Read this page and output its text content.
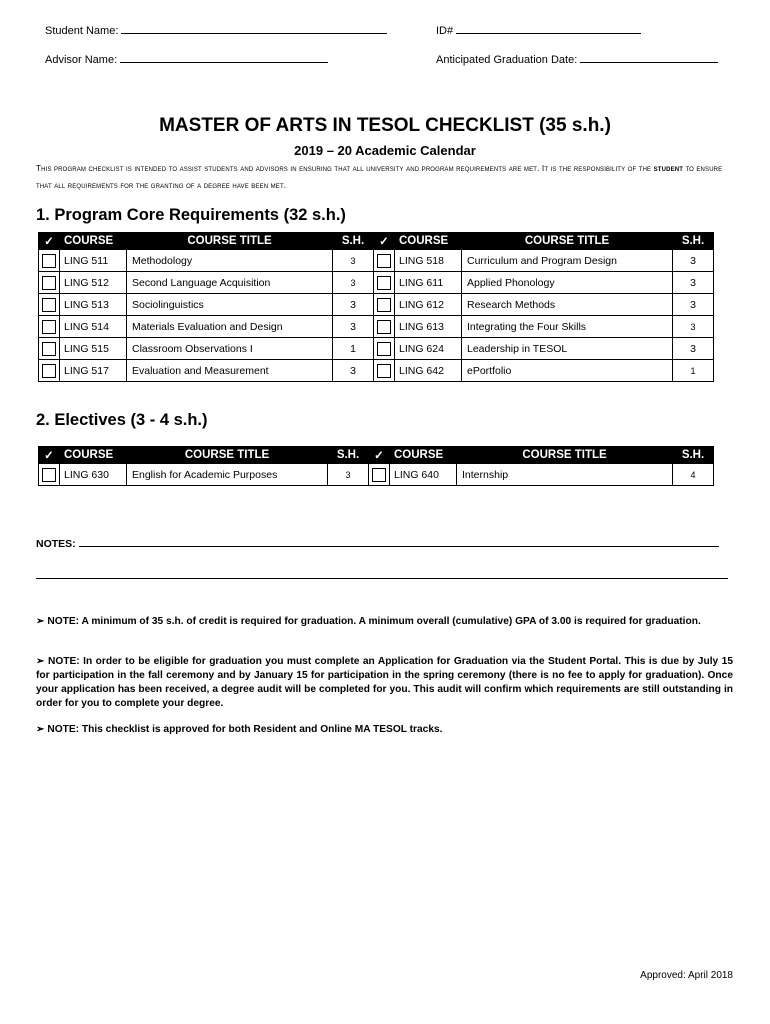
Student Name:	ID#
Advisor Name:	Anticipated Graduation Date:
MASTER OF ARTS IN TESOL CHECKLIST (35 s.h.)
2019 – 20 Academic Calendar
This program checklist is intended to assist students and advisors in ensuring that all university and program requirements are met. It is the responsibility of the student to ensure that all requirements for the granting of a degree have been met.
1. Program Core Requirements (32 s.h.)
✓	COURSE	COURSE TITLE	S.H.	✓	COURSE	COURSE TITLE	S.H.
	LING 511	Methodology	3		LING 518	Curriculum and Program Design	3
	LING 512	Second Language Acquisition	3		LING 611	Applied Phonology	3
	LING 513	Sociolinguistics	3		LING 612	Research Methods	3
	LING 514	Materials Evaluation and Design	3		LING 613	Integrating the Four Skills	3
	LING 515	Classroom Observations I	1		LING 624	Leadership in TESOL	3
	LING 517	Evaluation and Measurement	3		LING 642	ePortfolio	1
2. Electives (3 - 4 s.h.)
✓	COURSE	COURSE TITLE	S.H.	✓	COURSE	COURSE TITLE	S.H.
	LING 630	English for Academic Purposes	3		LING 640	Internship	4
NOTES:
➢ NOTE: A minimum of 35 s.h. of credit is required for graduation. A minimum overall (cumulative) GPA of 3.00 is required for graduation.
➢ NOTE: In order to be eligible for graduation you must complete an Application for Graduation via the Student Portal. This is due by July 15 for participation in the fall ceremony and by January 15 for participation in the spring ceremony (there is no fee to apply for graduation). Once your application has been received, a degree audit will be completed for you. This audit will confirm which requirements are still outstanding in order for you to complete your degree.
➢ NOTE: This checklist is approved for both Resident and Online MA TESOL tracks.
Approved: April 2018
